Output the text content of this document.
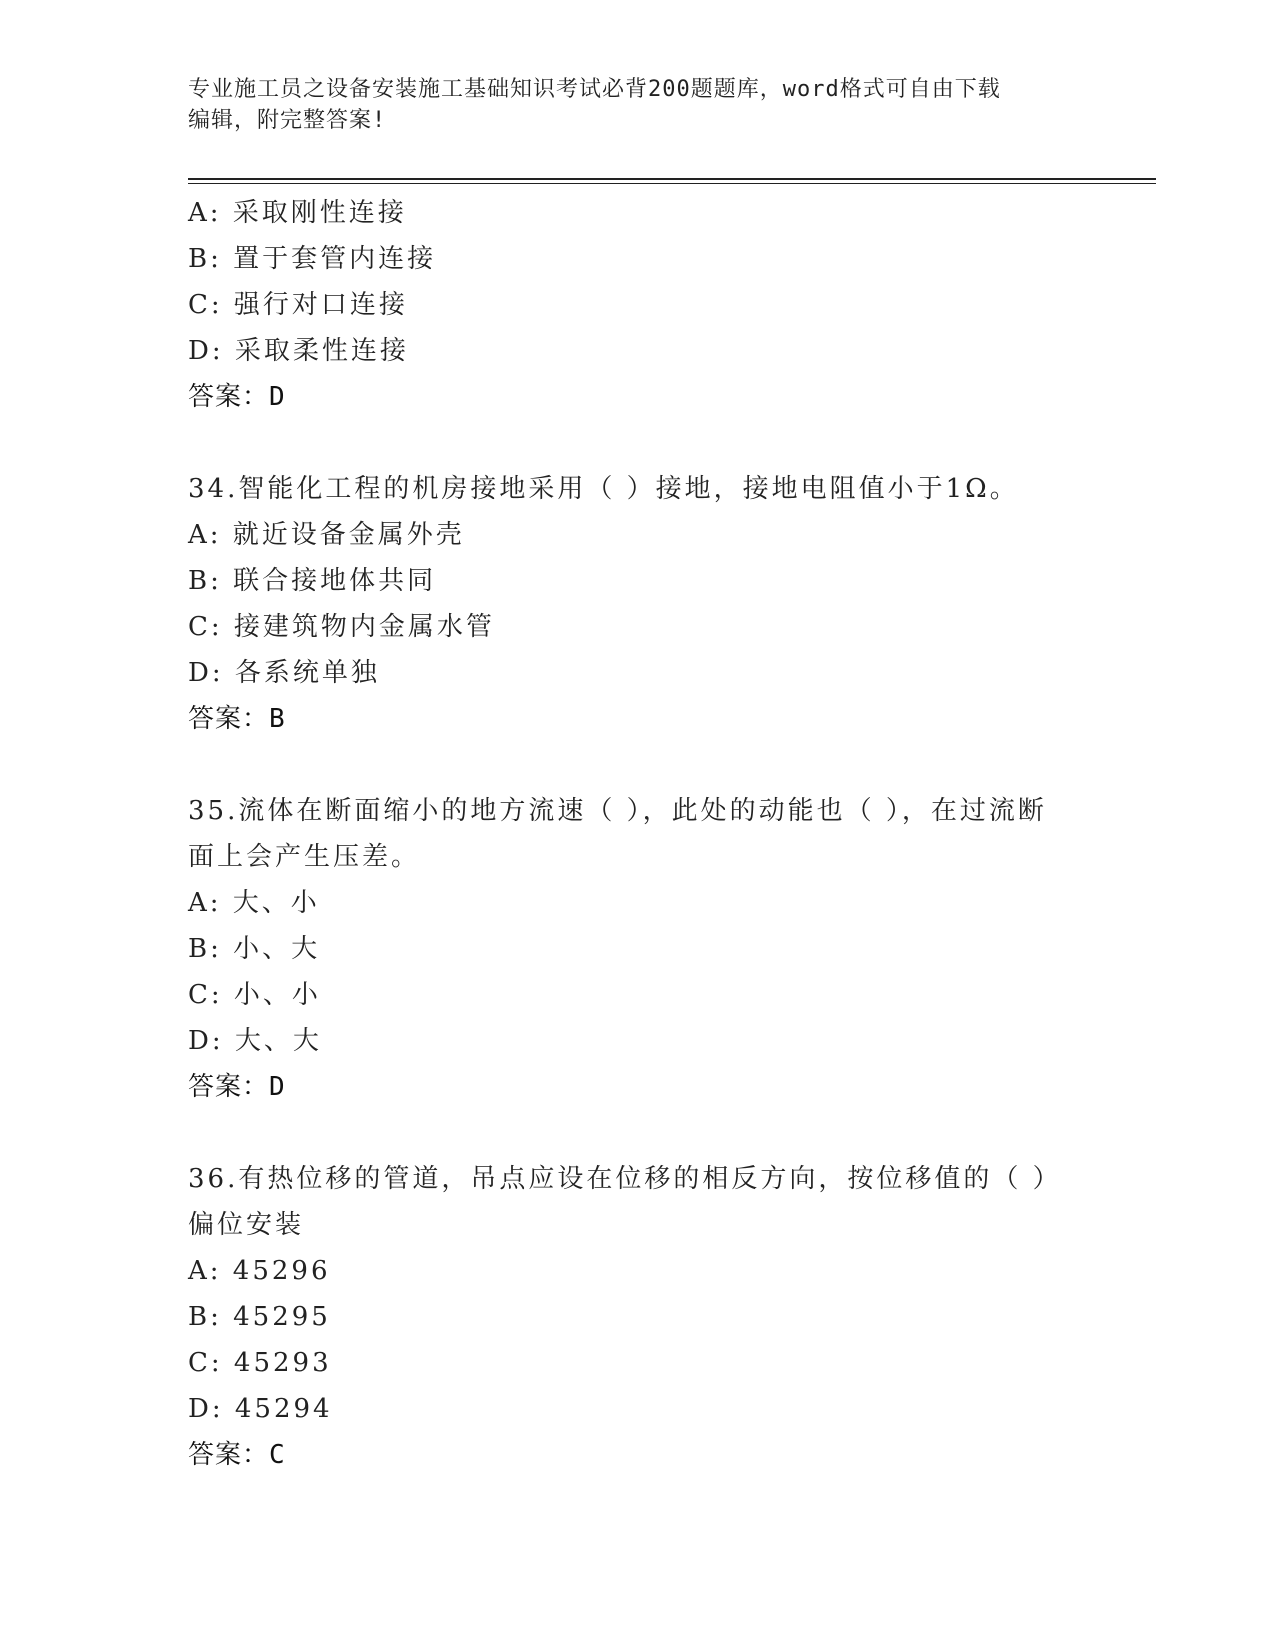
专业施工员之设备安装施工基础知识考试必背200题题库，word格式可自由下载
编辑，附完整答案!
A: 采取刚性连接
B: 置于套管内连接
C: 强行对口连接
D: 采取柔性连接
答案：D
34.智能化工程的机房接地采用（ ）接地，接地电阻值小于1Ω。
A: 就近设备金属外壳
B: 联合接地体共同
C: 接建筑物内金属水管
D: 各系统单独
答案：B
35.流体在断面缩小的地方流速（ ），此处的动能也（ ），在过流断
面上会产生压差。
A: 大、小
B: 小、大
C: 小、小
D: 大、大
答案：D
36.有热位移的管道，吊点应设在位移的相反方向，按位移值的（ ）
偏位安装
A: 45296
B: 45295
C: 45293
D: 45294
答案：C
